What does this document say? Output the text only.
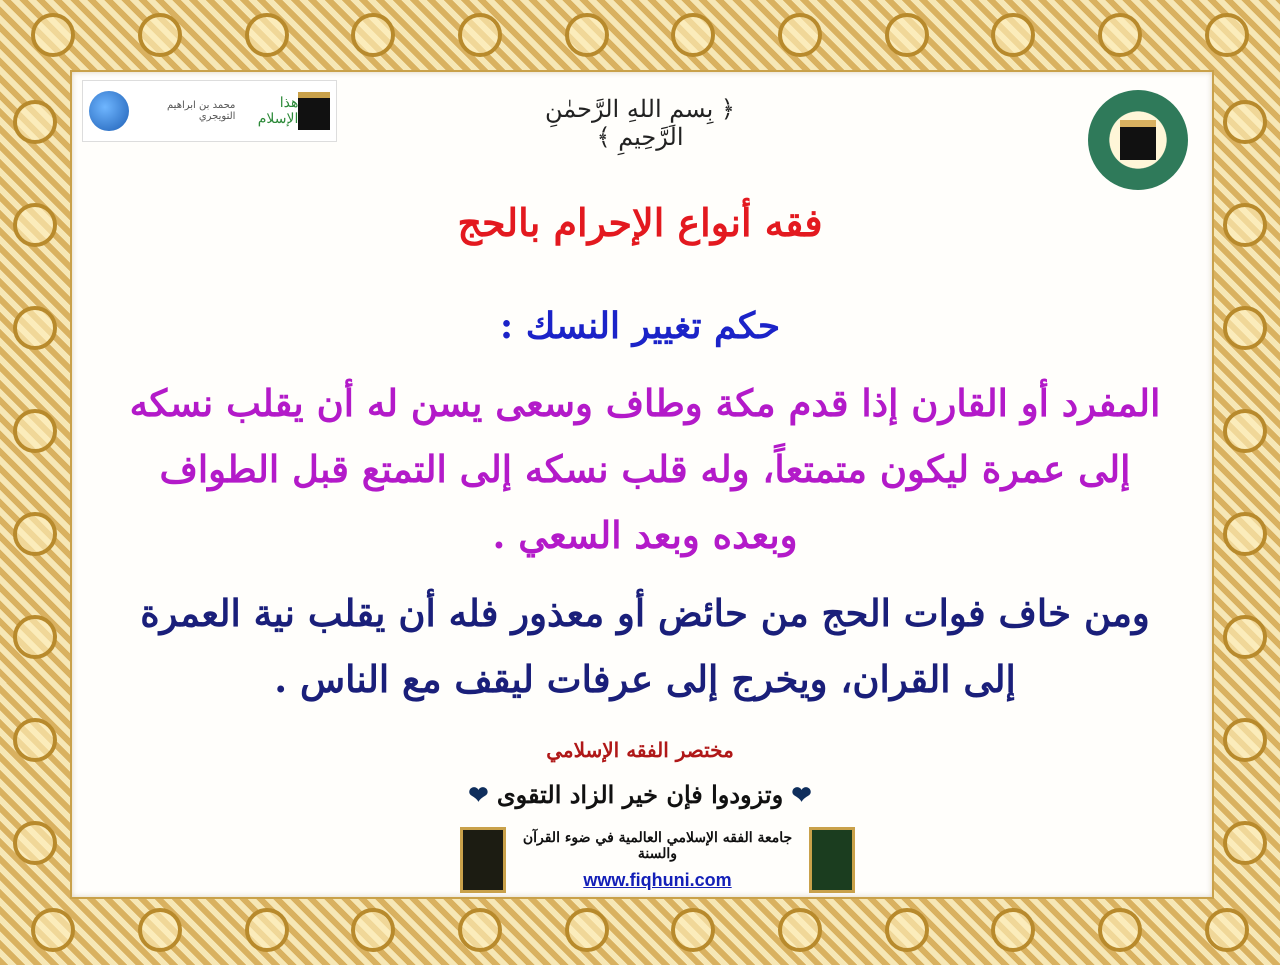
محمد بن ابراهيم التويجري
هذا الإسلام	﴿ بِسمِ اللهِ الرَّحمٰنِ الرَّحِيمِ ﴾
فقه أنواع الإحرام بالحج
حكم تغيير النسك :
المفرد أو القارن إذا قدم مكة وطاف وسعى يسن له أن يقلب نسكه إلى عمرة ليكون متمتعاً، وله قلب نسكه إلى التمتع قبل الطواف وبعده وبعد السعي .
ومن خاف فوات الحج من حائض أو معذور فله أن يقلب نية العمرة إلى القران، ويخرج إلى عرفات ليقف مع الناس .
مختصر الفقه الإسلامي
❤ وتزودوا فإن خير الزاد التقوى ❤
جامعة الفقه الإسلامي العالمية في ضوء القرآن والسنة
www.fiqhuni.com
